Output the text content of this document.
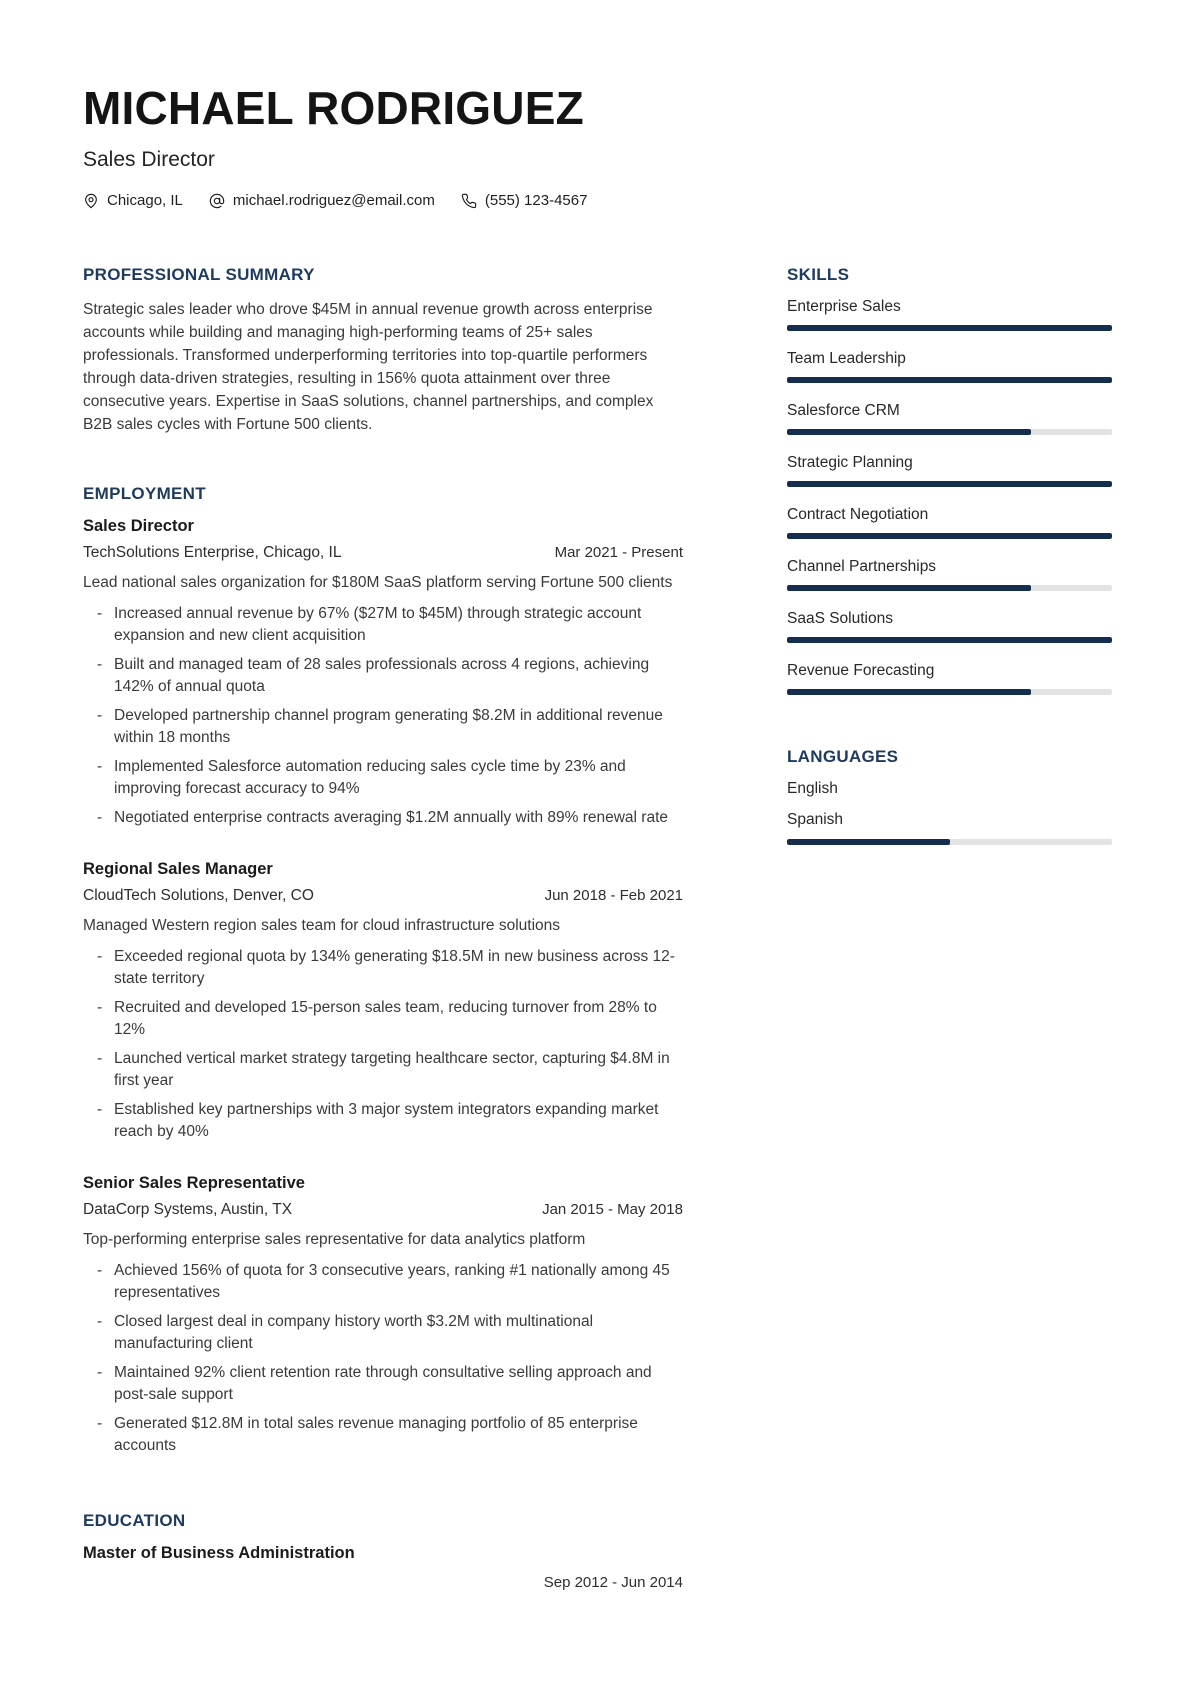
MICHAEL RODRIGUEZ
Sales Director
Chicago, IL	michael.rodriguez@email.com	(555) 123-4567
PROFESSIONAL SUMMARY

Strategic sales leader who drove $45M in annual revenue growth across enterprise accounts while building and managing high-performing teams of 25+ sales professionals. Transformed underperforming territories into top-quartile performers through data-driven strategies, resulting in 156% quota attainment over three consecutive years. Expertise in SaaS solutions, channel partnerships, and complex B2B sales cycles with Fortune 500 clients.

EMPLOYMENT
Sales Director
TechSolutions Enterprise, Chicago, IL	Mar 2021 - Present

Lead national sales organization for $180M SaaS platform serving Fortune 500 clients

- Increased annual revenue by 67% ($27M to $45M) through strategic account expansion and new client acquisition
- Built and managed team of 28 sales professionals across 4 regions, achieving 142% of annual quota
- Developed partnership channel program generating $8.2M in additional revenue within 18 months
- Implemented Salesforce automation reducing sales cycle time by 23% and improving forecast accuracy to 94%
- Negotiated enterprise contracts averaging $1.2M annually with 89% renewal rate
Regional Sales Manager
CloudTech Solutions, Denver, CO	Jun 2018 - Feb 2021

Managed Western region sales team for cloud infrastructure solutions

- Exceeded regional quota by 134% generating $18.5M in new business across 12-state territory
- Recruited and developed 15-person sales team, reducing turnover from 28% to 12%
- Launched vertical market strategy targeting healthcare sector, capturing $4.8M in first year
- Established key partnerships with 3 major system integrators expanding market reach by 40%
Senior Sales Representative
DataCorp Systems, Austin, TX	Jan 2015 - May 2018

Top-performing enterprise sales representative for data analytics platform

- Achieved 156% of quota for 3 consecutive years, ranking #1 nationally among 45 representatives
- Closed largest deal in company history worth $3.2M with multinational manufacturing client
- Maintained 92% client retention rate through consultative selling approach and post-sale support
- Generated $12.8M in total sales revenue managing portfolio of 85 enterprise accounts
EDUCATION
Master of Business Administration
Sep 2012 - Jun 2014
SKILLS
Enterprise Sales
Team Leadership
Salesforce CRM
Strategic Planning
Contract Negotiation
Channel Partnerships
SaaS Solutions
Revenue Forecasting
LANGUAGES
English
Spanish
